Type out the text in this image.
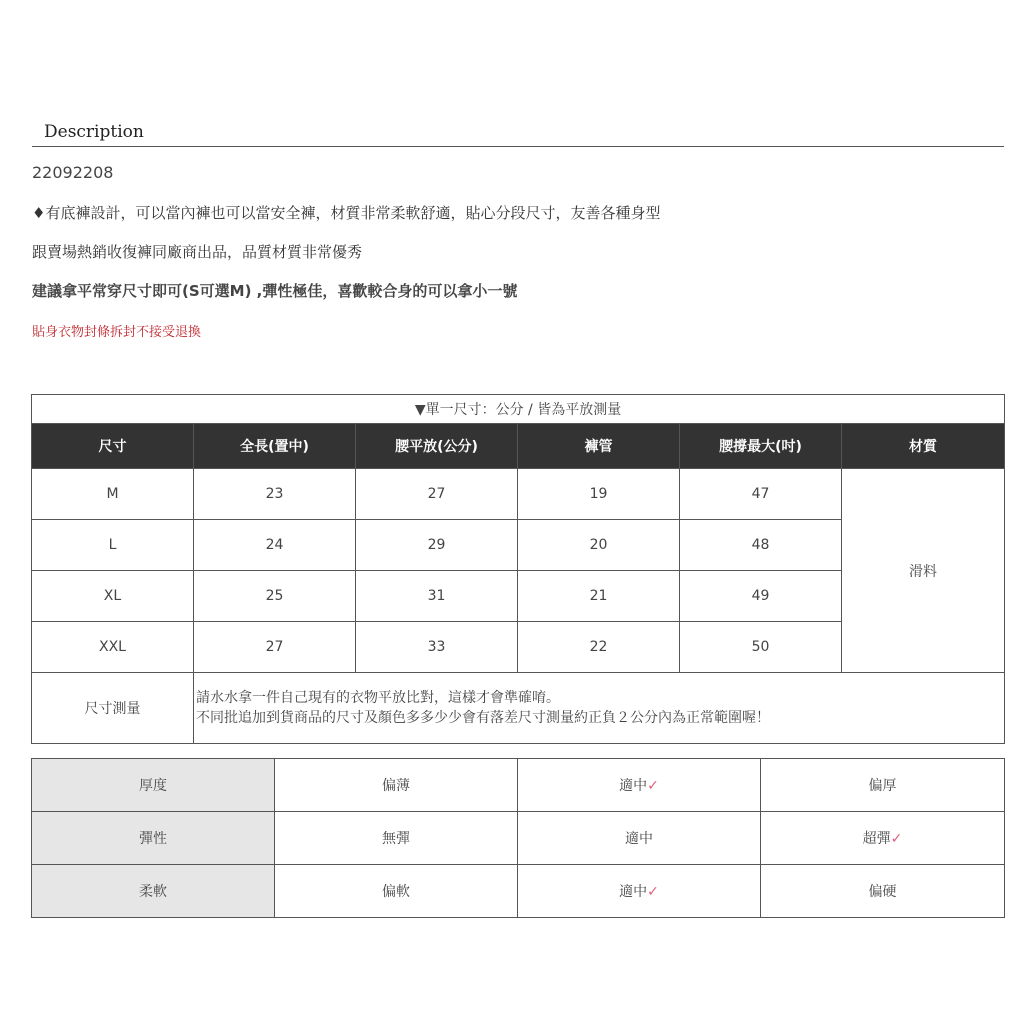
Description
22092208
♦有底褲設計，可以當內褲也可以當安全褲，材質非常柔軟舒適，貼心分段尺寸，友善各種身型
跟賣場熱銷收復褲同廠商出品，品質材質非常優秀
建議拿平常穿尺寸即可(S可選M) ,彈性極佳，喜歡較合身的可以拿小一號
貼身衣物封條拆封不接受退換
▼單一尺寸：公分 / 皆為平放測量					
尺寸	全長(置中)	腰平放(公分)	褲管	腰撐最大(吋)	材質
M	23	27	19	47	滑料
L	24	29	20	48	
XL	25	31	21	49	
XXL	27	33	22	50	
尺寸測量	請水水拿一件自己現有的衣物平放比對，這樣才會準確唷。
不同批追加到貨商品的尺寸及顏色多多少少會有落差尺寸測量約正負２公分內為正常範圍喔！				
厚度	偏薄	適中✓	偏厚
彈性	無彈	適中	超彈✓
柔軟	偏軟	適中✓	偏硬
